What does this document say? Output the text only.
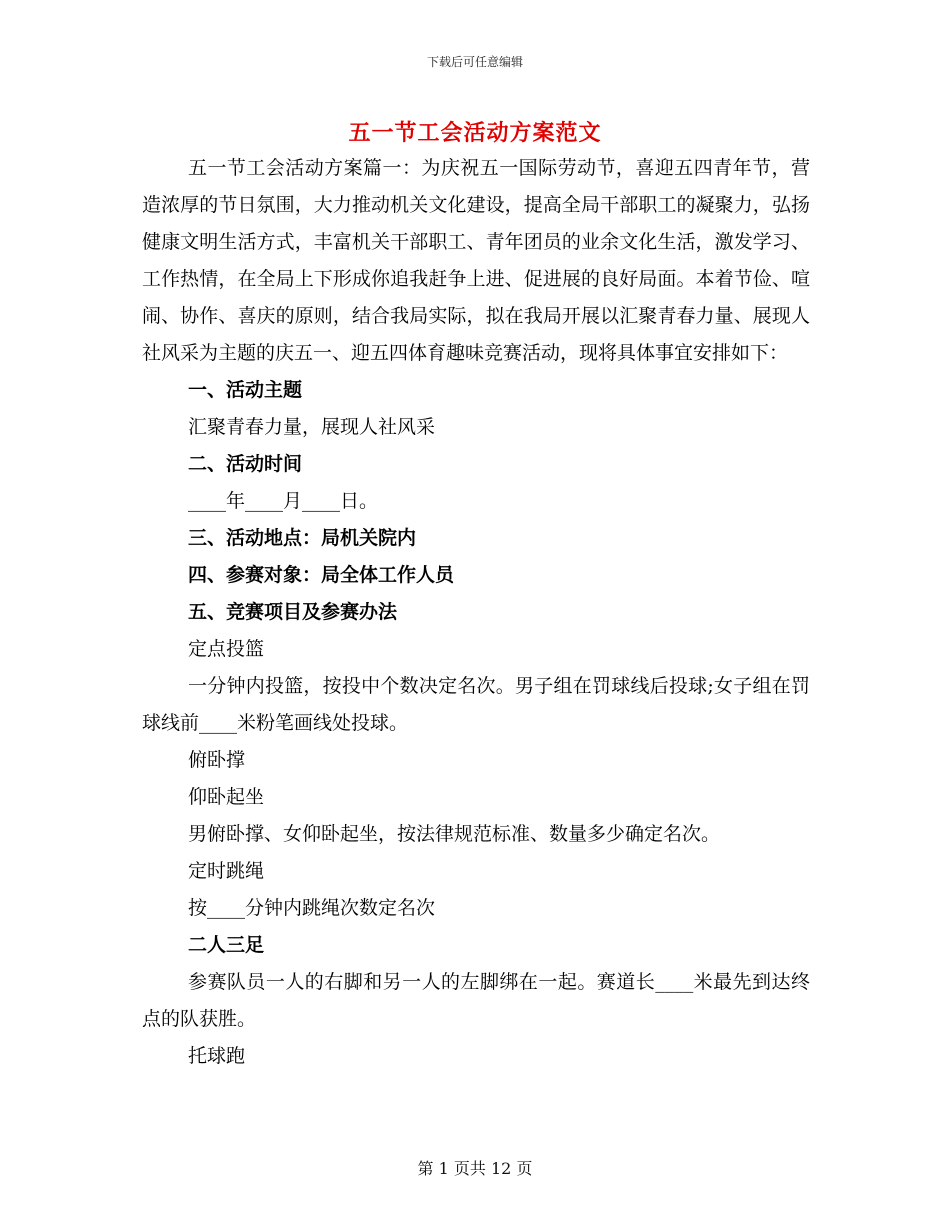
下载后可任意编辑
五一节工会活动方案范文

五一节工会活动方案篇一：为庆祝五一国际劳动节，喜迎五四青年节，营造浓厚的节日氛围，大力推动机关文化建设，提高全局干部职工的凝聚力，弘扬健康文明生活方式，丰富机关干部职工、青年团员的业余文化生活，激发学习、工作热情，在全局上下形成你追我赶争上进、促进展的良好局面。本着节俭、喧闹、协作、喜庆的原则，结合我局实际，拟在我局开展以汇聚青春力量、展现人社风采为主题的庆五一、迎五四体育趣味竞赛活动，现将具体事宜安排如下：

一、活动主题

汇聚青春力量，展现人社风采

二、活动时间

____年____月____日。

三、活动地点：局机关院内

四、参赛对象：局全体工作人员

五、竞赛项目及参赛办法

定点投篮

一分钟内投篮，按投中个数决定名次。男子组在罚球线后投球;女子组在罚球线前____米粉笔画线处投球。

俯卧撑

仰卧起坐

男俯卧撑、女仰卧起坐，按法律规范标准、数量多少确定名次。

定时跳绳

按____分钟内跳绳次数定名次

二人三足

参赛队员一人的右脚和另一人的左脚绑在一起。赛道长____米最先到达终点的队获胜。

托球跑

第 1 页共 12 页
